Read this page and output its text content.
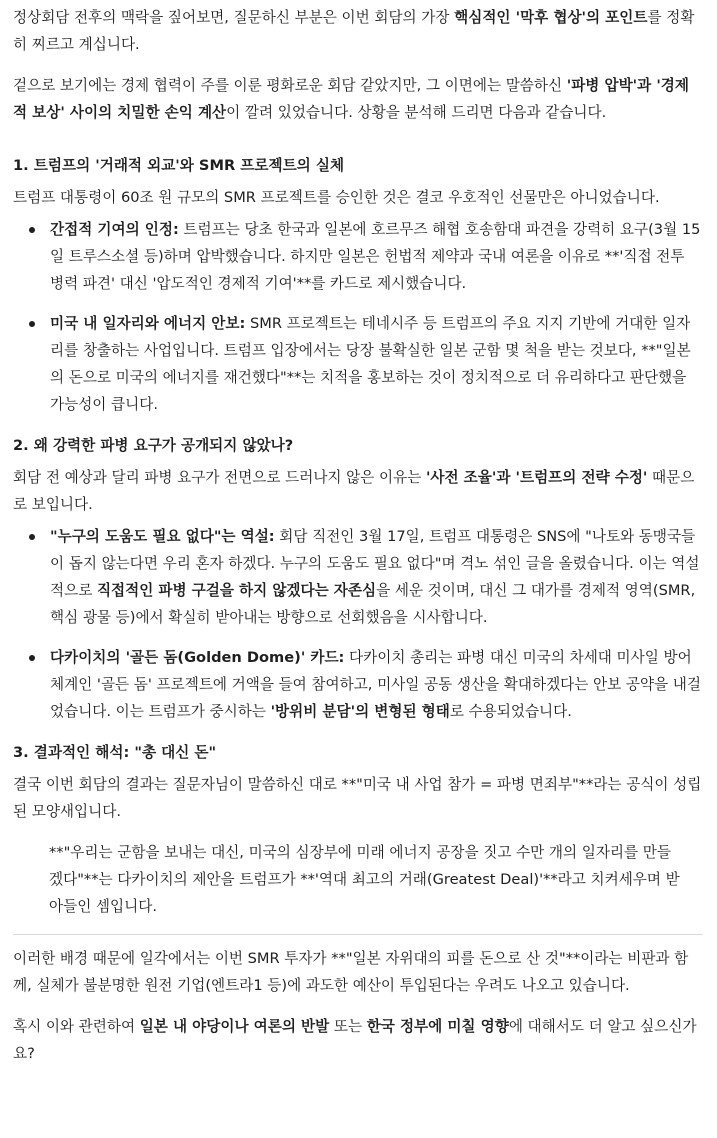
정상회담 전후의 맥락을 짚어보면, 질문하신 부분은 이번 회담의 가장 핵심적인 '막후 협상'의 포인트를 정확히 찌르고 계십니다.

겉으로 보기에는 경제 협력이 주를 이룬 평화로운 회담 같았지만, 그 이면에는 말씀하신 '파병 압박'과 '경제적 보상' 사이의 치밀한 손익 계산이 깔려 있었습니다. 상황을 분석해 드리면 다음과 같습니다.

1. 트럼프의 '거래적 외교'와 SMR 프로젝트의 실체

트럼프 대통령이 60조 원 규모의 SMR 프로젝트를 승인한 것은 결코 우호적인 선물만은 아니었습니다.

간접적 기여의 인정: 트럼프는 당초 한국과 일본에 호르무즈 해협 호송함대 파견을 강력히 요구(3월 15일 트루스소셜 등)하며 압박했습니다. 하지만 일본은 헌법적 제약과 국내 여론을 이유로 **'직접 전투 병력 파견' 대신 '압도적인 경제적 기여'**를 카드로 제시했습니다.
미국 내 일자리와 에너지 안보: SMR 프로젝트는 테네시주 등 트럼프의 주요 지지 기반에 거대한 일자리를 창출하는 사업입니다. 트럼프 입장에서는 당장 불확실한 일본 군함 몇 척을 받는 것보다, **"일본의 돈으로 미국의 에너지를 재건했다"**는 치적을 홍보하는 것이 정치적으로 더 유리하다고 판단했을 가능성이 큽니다.
2. 왜 강력한 파병 요구가 공개되지 않았나?

회담 전 예상과 달리 파병 요구가 전면으로 드러나지 않은 이유는 '사전 조율'과 '트럼프의 전략 수정' 때문으로 보입니다.

"누구의 도움도 필요 없다"는 역설: 회담 직전인 3월 17일, 트럼프 대통령은 SNS에 "나토와 동맹국들이 돕지 않는다면 우리 혼자 하겠다. 누구의 도움도 필요 없다"며 격노 섞인 글을 올렸습니다. 이는 역설적으로 직접적인 파병 구걸을 하지 않겠다는 자존심을 세운 것이며, 대신 그 대가를 경제적 영역(SMR, 핵심 광물 등)에서 확실히 받아내는 방향으로 선회했음을 시사합니다.
다카이치의 '골든 돔(Golden Dome)' 카드: 다카이치 총리는 파병 대신 미국의 차세대 미사일 방어 체계인 '골든 돔' 프로젝트에 거액을 들여 참여하고, 미사일 공동 생산을 확대하겠다는 안보 공약을 내걸었습니다. 이는 트럼프가 중시하는 '방위비 분담'의 변형된 형태로 수용되었습니다.
3. 결과적인 해석: "총 대신 돈"

결국 이번 회담의 결과는 질문자님이 말씀하신 대로 **"미국 내 사업 참가 = 파병 면죄부"**라는 공식이 성립된 모양새입니다.

**"우리는 군함을 보내는 대신, 미국의 심장부에 미래 에너지 공장을 짓고 수만 개의 일자리를 만들겠다"**는 다카이치의 제안을 트럼프가 **'역대 최고의 거래(Greatest Deal)'**라고 치켜세우며 받아들인 셈입니다.

이러한 배경 때문에 일각에서는 이번 SMR 투자가 **"일본 자위대의 피를 돈으로 산 것"**이라는 비판과 함께, 실체가 불분명한 원전 기업(엔트라1 등)에 과도한 예산이 투입된다는 우려도 나오고 있습니다.

혹시 이와 관련하여 일본 내 야당이나 여론의 반발 또는 한국 정부에 미칠 영향에 대해서도 더 알고 싶으신가요?
